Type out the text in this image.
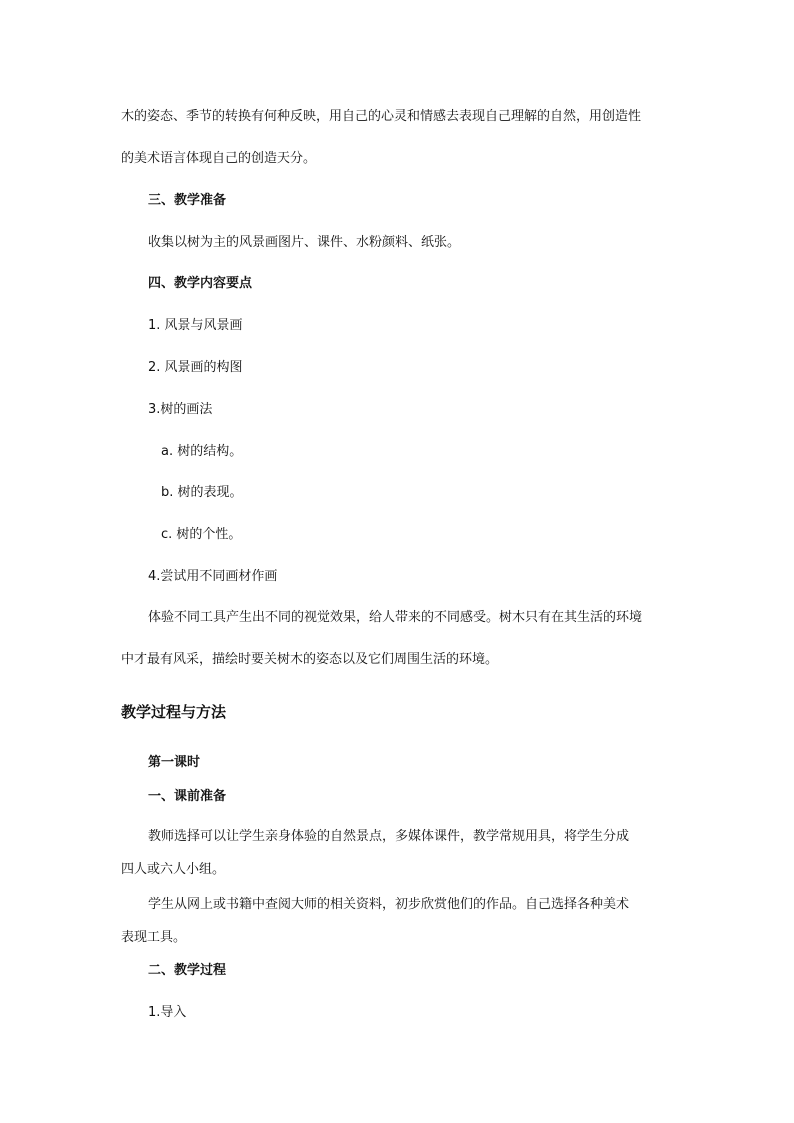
木的姿态、季节的转换有何种反映，用自己的心灵和情感去表现自己理解的自然，用创造性
的美术语言体现自己的创造天分。
三、教学准备
收集以树为主的风景画图片、课件、水粉颜料、纸张。
四、教学内容要点
1. 风景与风景画
2. 风景画的构图
3.树的画法
a. 树的结构。
b. 树的表现。
c. 树的个性。
4.尝试用不同画材作画
体验不同工具产生出不同的视觉效果，给人带来的不同感受。树木只有在其生活的环境
中才最有风采，描绘时要关树木的姿态以及它们周围生活的环境。
教学过程与方法
第一课时
一、课前准备
教师选择可以让学生亲身体验的自然景点，多媒体课件，教学常规用具，将学生分成
四人或六人小组。
学生从网上或书籍中查阅大师的相关资料，初步欣赏他们的作品。自己选择各种美术
表现工具。
二、教学过程
1.导入
